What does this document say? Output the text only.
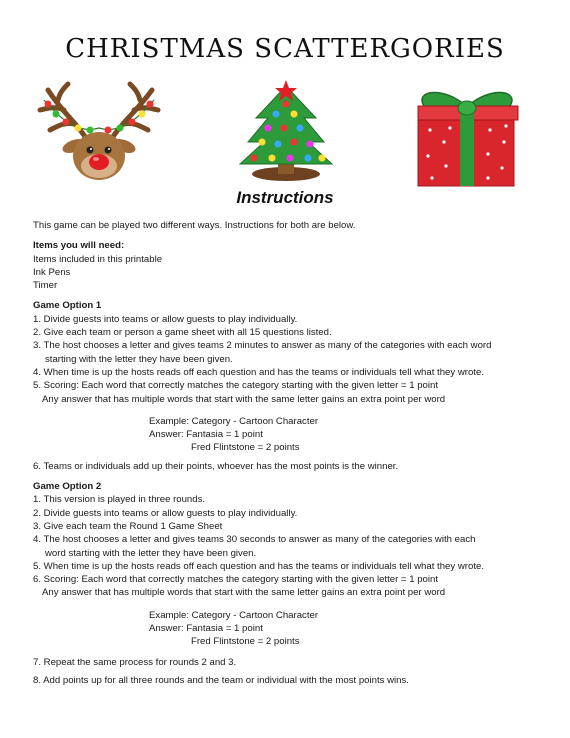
CHRISTMAS SCATTERGORIES
Instructions

This game can be played two different ways. Instructions for both are below.

Items you will need:

Items included in this printable

Ink Pens

Timer

Game Option 1

1. Divide guests into teams or allow guests to play individually.

2. Give each team or person a game sheet with all 15 questions listed.

3. The host chooses a letter and gives teams 2 minutes to answer as many of the categories with each word

starting with the letter they have been given.

4. When time is up the hosts reads off each question and has the teams or individuals tell what they wrote.

5. Scoring: Each word that correctly matches the category starting with the given letter = 1 point

Any answer that has multiple words that start with the same letter gains an extra point per word

Example: Category - Cartoon Character

Answer: Fantasia = 1 point

Fred Flintstone = 2 points

6. Teams or individuals add up their points, whoever has the most points is the winner.

Game Option 2

1. This version is played in three rounds.

2. Divide guests into teams or allow guests to play individually.

3. Give each team the Round 1 Game Sheet

4. The host chooses a letter and gives teams 30 seconds to answer as many of the categories with each

word starting with the letter they have been given.

5. When time is up the hosts reads off each question and has the teams or individuals tell what they wrote.

6. Scoring: Each word that correctly matches the category starting with the given letter = 1 point

Any answer that has multiple words that start with the same letter gains an extra point per word

Example: Category - Cartoon Character

Answer: Fantasia = 1 point

Fred Flintstone = 2 points

7. Repeat the same process for rounds 2 and 3.

8. Add points up for all three rounds and the team or individual with the most points wins.
